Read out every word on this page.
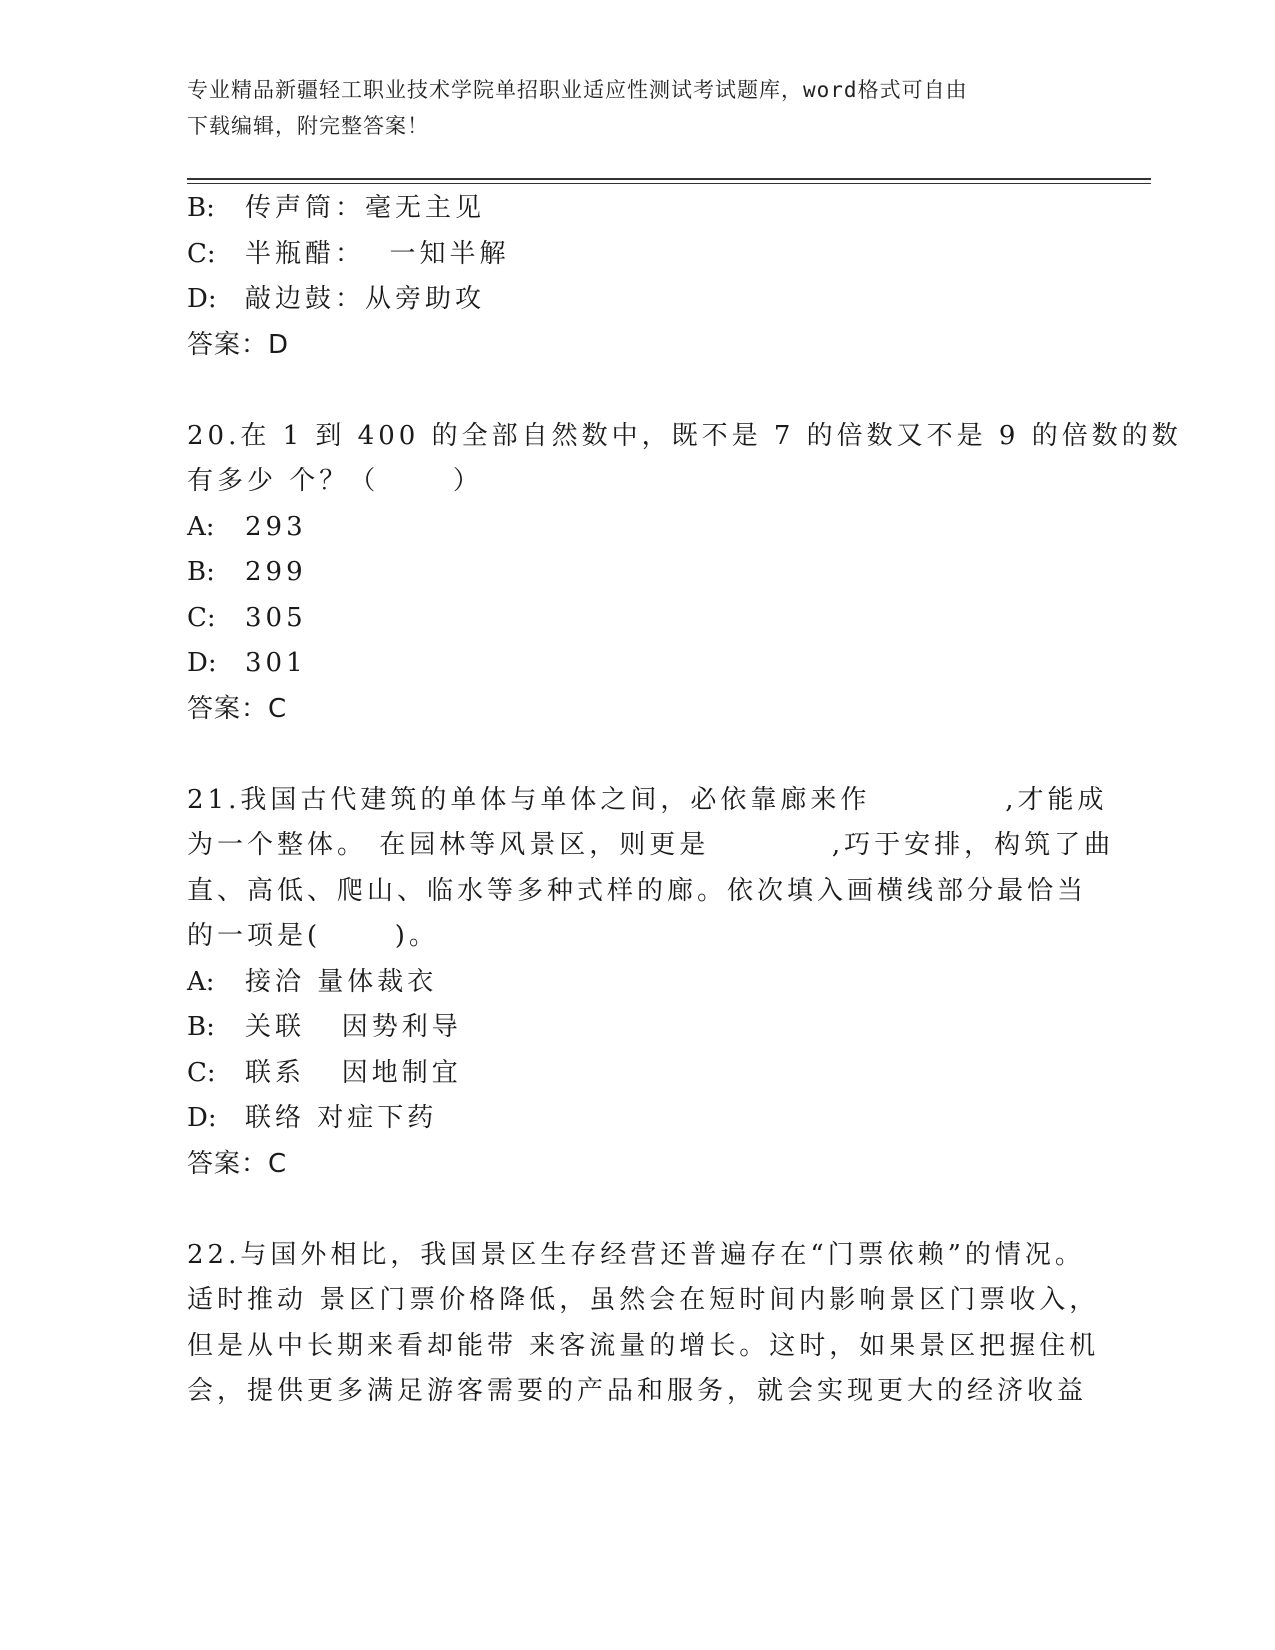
专业精品新疆轻工职业技术学院单招职业适应性测试考试题库，word格式可自由
下载编辑，附完整答案！
B: 传声筒：毫无主见
C: 半瓶醋：  一知半解
D: 敲边鼓：从旁助攻
答案：D
20.在 1 到 400 的全部自然数中，既不是 7 的倍数又不是 9 的倍数的数
有多少 个？（      ）
A: 293
B: 299
C: 305
D: 301
答案：C
21.我国古代建筑的单体与单体之间，必依靠廊来作           ,才能成
为一个整体。 在园林等风景区，则更是          ,巧于安排，构筑了曲
直、高低、爬山、临水等多种式样的廊。依次填入画横线部分最恰当
的一项是(      )。
A: 接洽 量体裁衣
B: 关联   因势利导
C: 联系   因地制宜
D: 联络 对症下药
答案：C
22.与国外相比，我国景区生存经营还普遍存在“门票依赖”的情况。
适时推动 景区门票价格降低，虽然会在短时间内影响景区门票收入，
但是从中长期来看却能带 来客流量的增长。这时，如果景区把握住机
会，提供更多满足游客需要的产品和服务，就会实现更大的经济收益
